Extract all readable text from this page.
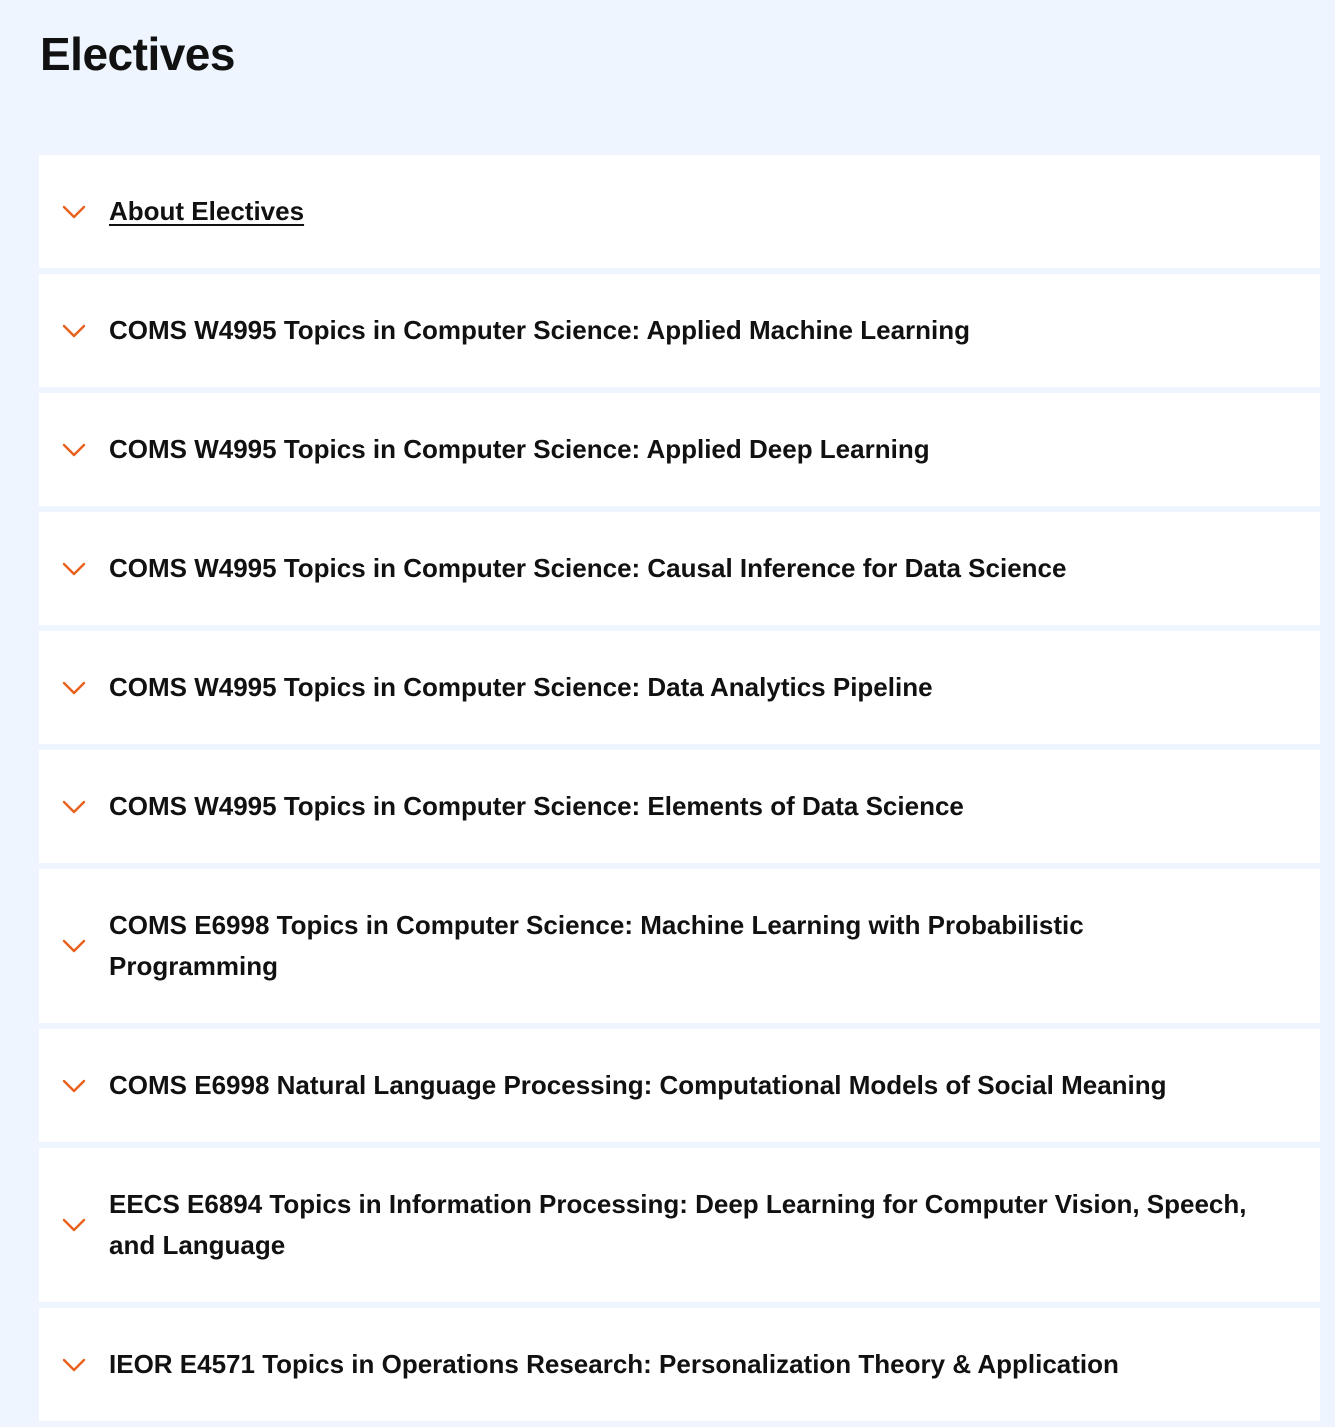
Electives
About Electives
COMS W4995 Topics in Computer Science: Applied Machine Learning
COMS W4995 Topics in Computer Science: Applied Deep Learning
COMS W4995 Topics in Computer Science: Causal Inference for Data Science
COMS W4995 Topics in Computer Science: Data Analytics Pipeline
COMS W4995 Topics in Computer Science: Elements of Data Science
COMS E6998 Topics in Computer Science: Machine Learning with Probabilistic Programming
COMS E6998 Natural Language Processing: Computational Models of Social Meaning
EECS E6894 Topics in Information Processing: Deep Learning for Computer Vision, Speech, and Language
IEOR E4571 Topics in Operations Research: Personalization Theory & Application
